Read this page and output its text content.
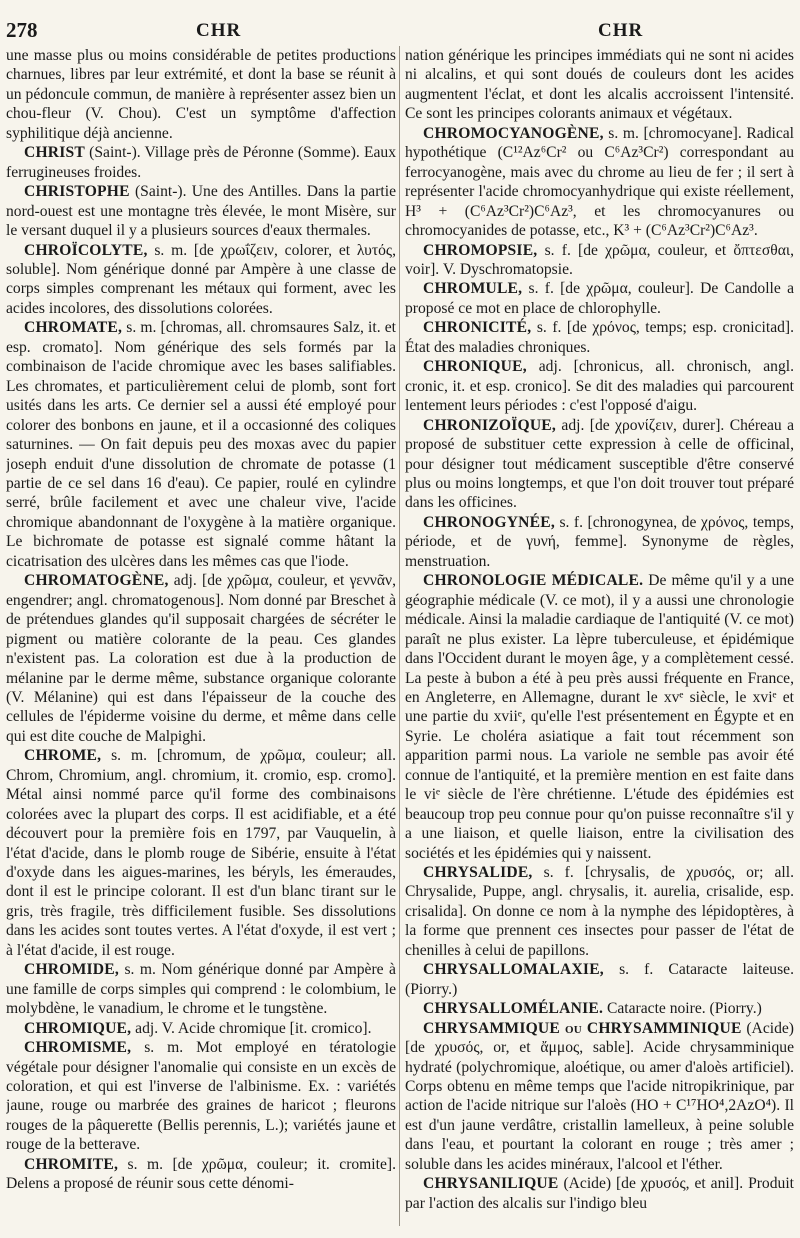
278	CHR	CHR

une masse plus ou moins considérable de petites productions charnues, libres par leur extrémité, et dont la base se réunit à un pédoncule commun, de manière à représenter assez bien un chou-fleur (V. Chou). C'est un symptôme d'affection syphilitique déjà ancienne.

CHRIST (Saint-). Village près de Péronne (Somme). Eaux ferrugineuses froides.

CHRISTOPHE (Saint-). Une des Antilles. Dans la partie nord-ouest est une montagne très élevée, le mont Misère, sur le versant duquel il y a plusieurs sources d'eaux thermales.

CHROÏCOLYTE, s. m. [de χρωΐζειν, colorer, et λυτός, soluble]. Nom générique donné par Ampère à une classe de corps simples comprenant les métaux qui forment, avec les acides incolores, des dissolutions colorées.

CHROMATE, s. m. [chromas, all. chromsaures Salz, it. et esp. cromato]. Nom générique des sels formés par la combinaison de l'acide chromique avec les bases salifiables. Les chromates, et particulièrement celui de plomb, sont fort usités dans les arts. Ce dernier sel a aussi été employé pour colorer des bonbons en jaune, et il a occasionné des coliques saturnines. — On fait depuis peu des moxas avec du papier joseph enduit d'une dissolution de chromate de potasse (1 partie de ce sel dans 16 d'eau). Ce papier, roulé en cylindre serré, brûle facilement et avec une chaleur vive, l'acide chromique abandonnant de l'oxygène à la matière organique. Le bichromate de potasse est signalé comme hâtant la cicatrisation des ulcères dans les mêmes cas que l'iode.

CHROMATOGÈNE, adj. [de χρῶμα, couleur, et γεννᾶν, engendrer; angl. chromatogenous]. Nom donné par Breschet à de prétendues glandes qu'il supposait chargées de sécréter le pigment ou matière colorante de la peau. Ces glandes n'existent pas. La coloration est due à la production de mélanine par le derme même, substance organique colorante (V. Mélanine) qui est dans l'épaisseur de la couche des cellules de l'épiderme voisine du derme, et même dans celle qui est dite couche de Malpighi.

CHROME, s. m. [chromum, de χρῶμα, couleur; all. Chrom, Chromium, angl. chromium, it. cromio, esp. cromo]. Métal ainsi nommé parce qu'il forme des combinaisons colorées avec la plupart des corps. Il est acidifiable, et a été découvert pour la première fois en 1797, par Vauquelin, à l'état d'acide, dans le plomb rouge de Sibérie, ensuite à l'état d'oxyde dans les aigues-marines, les béryls, les émeraudes, dont il est le principe colorant. Il est d'un blanc tirant sur le gris, très fragile, très difficilement fusible. Ses dissolutions dans les acides sont toutes vertes. A l'état d'oxyde, il est vert ; à l'état d'acide, il est rouge.

CHROMIDE, s. m. Nom générique donné par Ampère à une famille de corps simples qui comprend : le colombium, le molybdène, le vanadium, le chrome et le tungstène.

CHROMIQUE, adj. V. Acide chromique [it. cromico].

CHROMISME, s. m. Mot employé en tératologie végétale pour désigner l'anomalie qui consiste en un excès de coloration, et qui est l'inverse de l'albinisme. Ex. : variétés jaune, rouge ou marbrée des graines de haricot ; fleurons rouges de la pâquerette (Bellis perennis, L.); variétés jaune et rouge de la betterave.

CHROMITE, s. m. [de χρῶμα, couleur; it. cromite]. Delens a proposé de réunir sous cette dénomi-

nation générique les principes immédiats qui ne sont ni acides ni alcalins, et qui sont doués de couleurs dont les acides augmentent l'éclat, et dont les alcalis accroissent l'intensité. Ce sont les principes colorants animaux et végétaux.

CHROMOCYANOGÈNE, s. m. [chromocyane]. Radical hypothétique (C¹²Az⁶Cr² ou C⁶Az³Cr²) correspondant au ferrocyanogène, mais avec du chrome au lieu de fer ; il sert à représenter l'acide chromocyanhydrique qui existe réellement, H³ + (C⁶Az³Cr²)C⁶Az³, et les chromocyanures ou chromocyanides de potasse, etc., K³ + (C⁶Az³Cr²)C⁶Az³.

CHROMOPSIE, s. f. [de χρῶμα, couleur, et ὄπτεσθαι, voir]. V. Dyschromatopsie.

CHROMULE, s. f. [de χρῶμα, couleur]. De Candolle a proposé ce mot en place de chlorophylle.

CHRONICITÉ, s. f. [de χρόνος, temps; esp. cronicitad]. État des maladies chroniques.

CHRONIQUE, adj. [chronicus, all. chronisch, angl. cronic, it. et esp. cronico]. Se dit des maladies qui parcourent lentement leurs périodes : c'est l'opposé d'aigu.

CHRONIZOÏQUE, adj. [de χρονίζειν, durer]. Chéreau a proposé de substituer cette expression à celle de officinal, pour désigner tout médicament susceptible d'être conservé plus ou moins longtemps, et que l'on doit trouver tout préparé dans les officines.

CHRONOGYNÉE, s. f. [chronogynea, de χρόνος, temps, période, et de γυνή, femme]. Synonyme de règles, menstruation.

CHRONOLOGIE MÉDICALE. De même qu'il y a une géographie médicale (V. ce mot), il y a aussi une chronologie médicale. Ainsi la maladie cardiaque de l'antiquité (V. ce mot) paraît ne plus exister. La lèpre tuberculeuse, et épidémique dans l'Occident durant le moyen âge, y a complètement cessé. La peste à bubon a été à peu près aussi fréquente en France, en Angleterre, en Allemagne, durant le xvᵉ siècle, le xviᵉ et une partie du xviiᵉ, qu'elle l'est présentement en Égypte et en Syrie. Le choléra asiatique a fait tout récemment son apparition parmi nous. La variole ne semble pas avoir été connue de l'antiquité, et la première mention en est faite dans le viᵉ siècle de l'ère chrétienne. L'étude des épidémies est beaucoup trop peu connue pour qu'on puisse reconnaître s'il y a une liaison, et quelle liaison, entre la civilisation des sociétés et les épidémies qui y naissent.

CHRYSALIDE, s. f. [chrysalis, de χρυσός, or; all. Chrysalide, Puppe, angl. chrysalis, it. aurelia, crisalide, esp. crisalida]. On donne ce nom à la nymphe des lépidoptères, à la forme que prennent ces insectes pour passer de l'état de chenilles à celui de papillons.

CHRYSALLOMALAXIE, s. f. Cataracte laiteuse. (Piorry.)

CHRYSALLOMÉLANIE. Cataracte noire. (Piorry.)

CHRYSAMMIQUE ou CHRYSAMMINIQUE (Acide) [de χρυσός, or, et ἄμμος, sable]. Acide chrysamminique hydraté (polychromique, aloétique, ou amer d'aloès artificiel). Corps obtenu en même temps que l'acide nitropikrinique, par action de l'acide nitrique sur l'aloès (HO + C¹⁷HO⁴,2AzO⁴). Il est d'un jaune verdâtre, cristallin lamelleux, à peine soluble dans l'eau, et pourtant la colorant en rouge ; très amer ; soluble dans les acides minéraux, l'alcool et l'éther.

CHRYSANILIQUE (Acide) [de χρυσός, et anil]. Produit par l'action des alcalis sur l'indigo bleu
